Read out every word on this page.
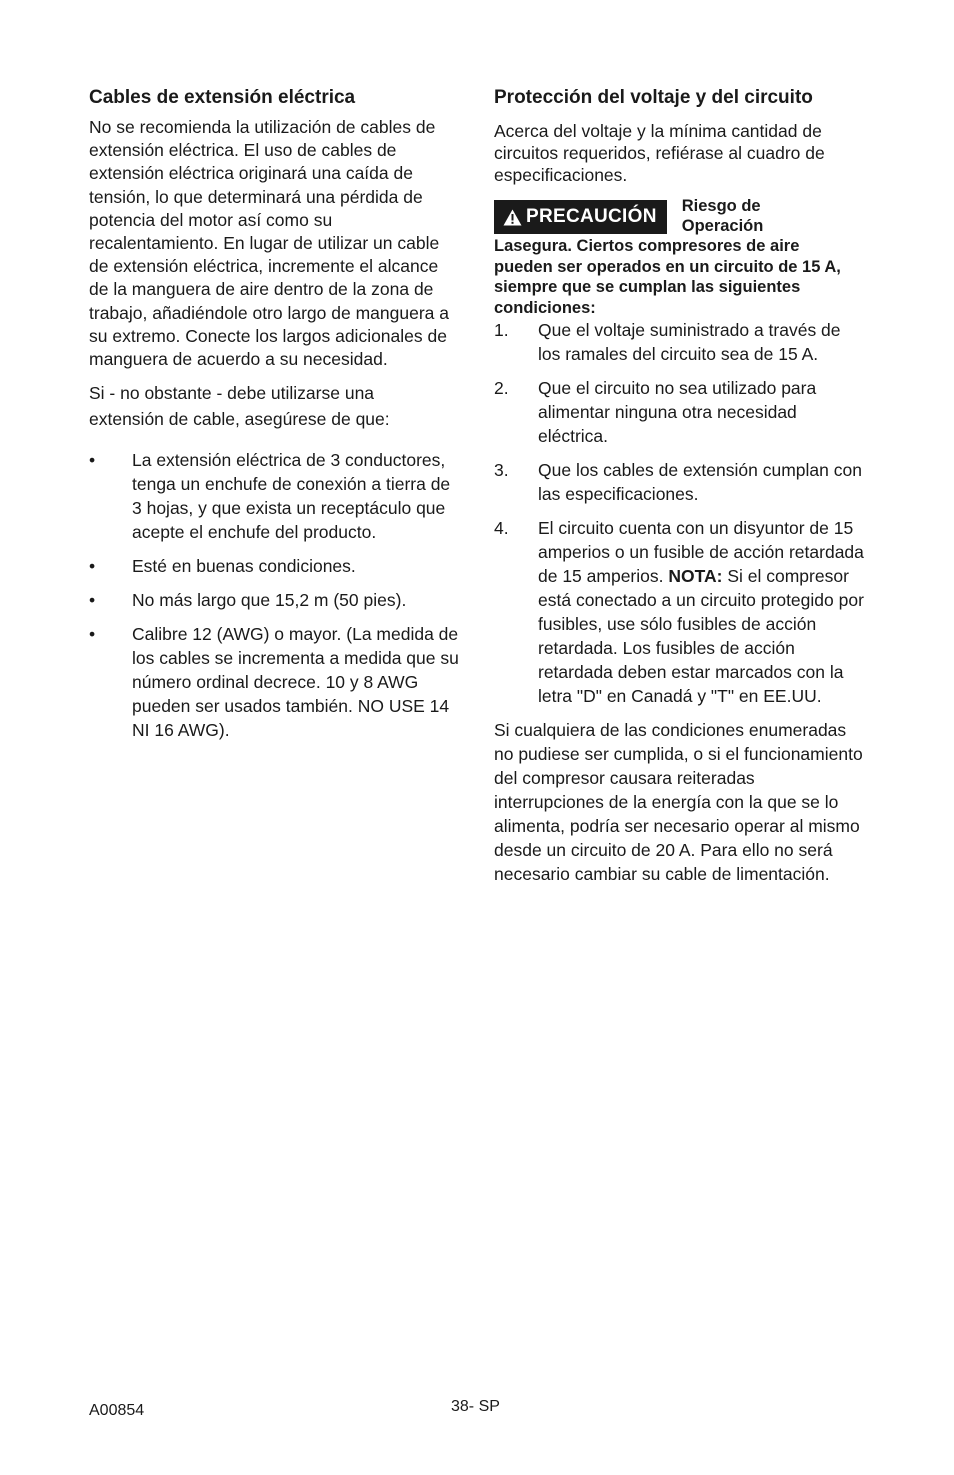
Cables de extensión eléctrica

No se recomienda la utilización de cables de extensión eléctrica. El uso de cables de extensión eléctrica originará una caída de tensión, lo que determinará una pérdida de potencia del motor así como su recalentamiento. En lugar de utilizar un cable de extensión eléctrica, incremente el alcance de la manguera de aire dentro de la zona de trabajo, añadiéndole otro largo de manguera a su extremo. Conecte los largos adicionales de manguera de acuerdo a su necesidad.

Si - no obstante - debe utilizarse una extensión de cable, asegúrese de que:

• La extensión eléctrica de 3 conductores, tenga un enchufe de conexión a tierra de 3 hojas, y que exista un receptáculo que acepte el enchufe del producto.
• Esté en buenas condiciones.
• No más largo que 15,2 m (50 pies).
• Calibre 12 (AWG) o mayor. (La medida de los cables se incrementa a medida que su número ordinal decrece. 10 y 8 AWG pueden ser usados también. NO USE 14 NI 16 AWG).
Protección del voltaje y del circuito

Acerca del voltaje y la mínima cantidad de circuitos requeridos, refiérase al cuadro de especificaciones.

PRECAUCIÓN Riesgo de
Operación

Lasegura. Ciertos compresores de aire pueden ser operados en un circuito de 15 A, siempre que se cumplan las siguientes condiciones:

1. Que el voltaje suministrado a través de los ramales del circuito sea de 15 A.
2. Que el circuito no sea utilizado para alimentar ninguna otra necesidad eléctrica.
3. Que los cables de extensión cumplan con las especificaciones.
4. El circuito cuenta con un disyuntor de 15 amperios o un fusible de acción retardada de 15 amperios. NOTA: Si el compresor está conectado a un circuito protegido por fusibles, use sólo fusibles de acción retardada. Los fusibles de acción retardada deben estar marcados con la letra "D" en Canadá y "T" en EE.UU.

Si cualquiera de las condiciones enumeradas no pudiese ser cumplida, o si el funcionamiento del compresor causara reiteradas interrupciones de la energía con la que se lo alimenta, podría ser necesario operar al mismo desde un circuito de 20 A. Para ello no será necesario cambiar su cable de limentación.

A00854	38- SP
